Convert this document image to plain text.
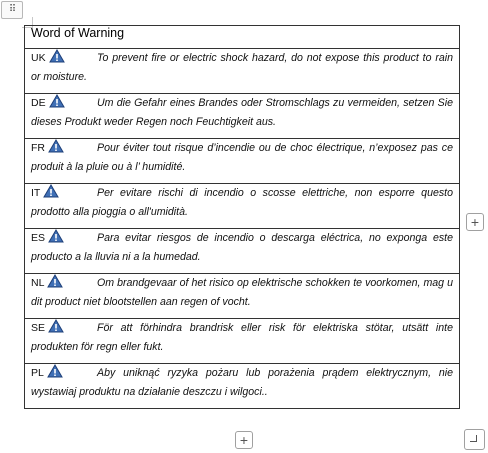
⠿
Word of Warning
UK	To prevent fire or electric shock hazard, do not expose this product to rain or moisture.
DE	Um die Gefahr eines Brandes oder Stromschlags zu vermeiden, setzen Sie dieses Produkt weder Regen noch Feuchtigkeit aus.
FR	Pour éviter tout risque d’incendie ou de choc électrique, n’exposez pas ce produit à la pluie ou à l’ humidité.
IT	Per evitare rischi di incendio o scosse elettriche, non esporre questo prodotto alla pioggia o all'umidità.
ES	Para evitar riesgos de incendio o descarga eléctrica, no exponga este producto a la lluvia ni a la humedad.
NL	Om brandgevaar of het risico op elektrische schokken te voorkomen, mag u dit product niet blootstellen aan regen of vocht.
SE	För att förhindra brandrisk eller risk för elektriska stötar, utsätt inte produkten för regn eller fukt.
PL	Aby uniknąć ryzyka pożaru lub porażenia prądem elektrycznym, nie wystawiaj produktu na działanie deszczu i wilgoci..
+
+
